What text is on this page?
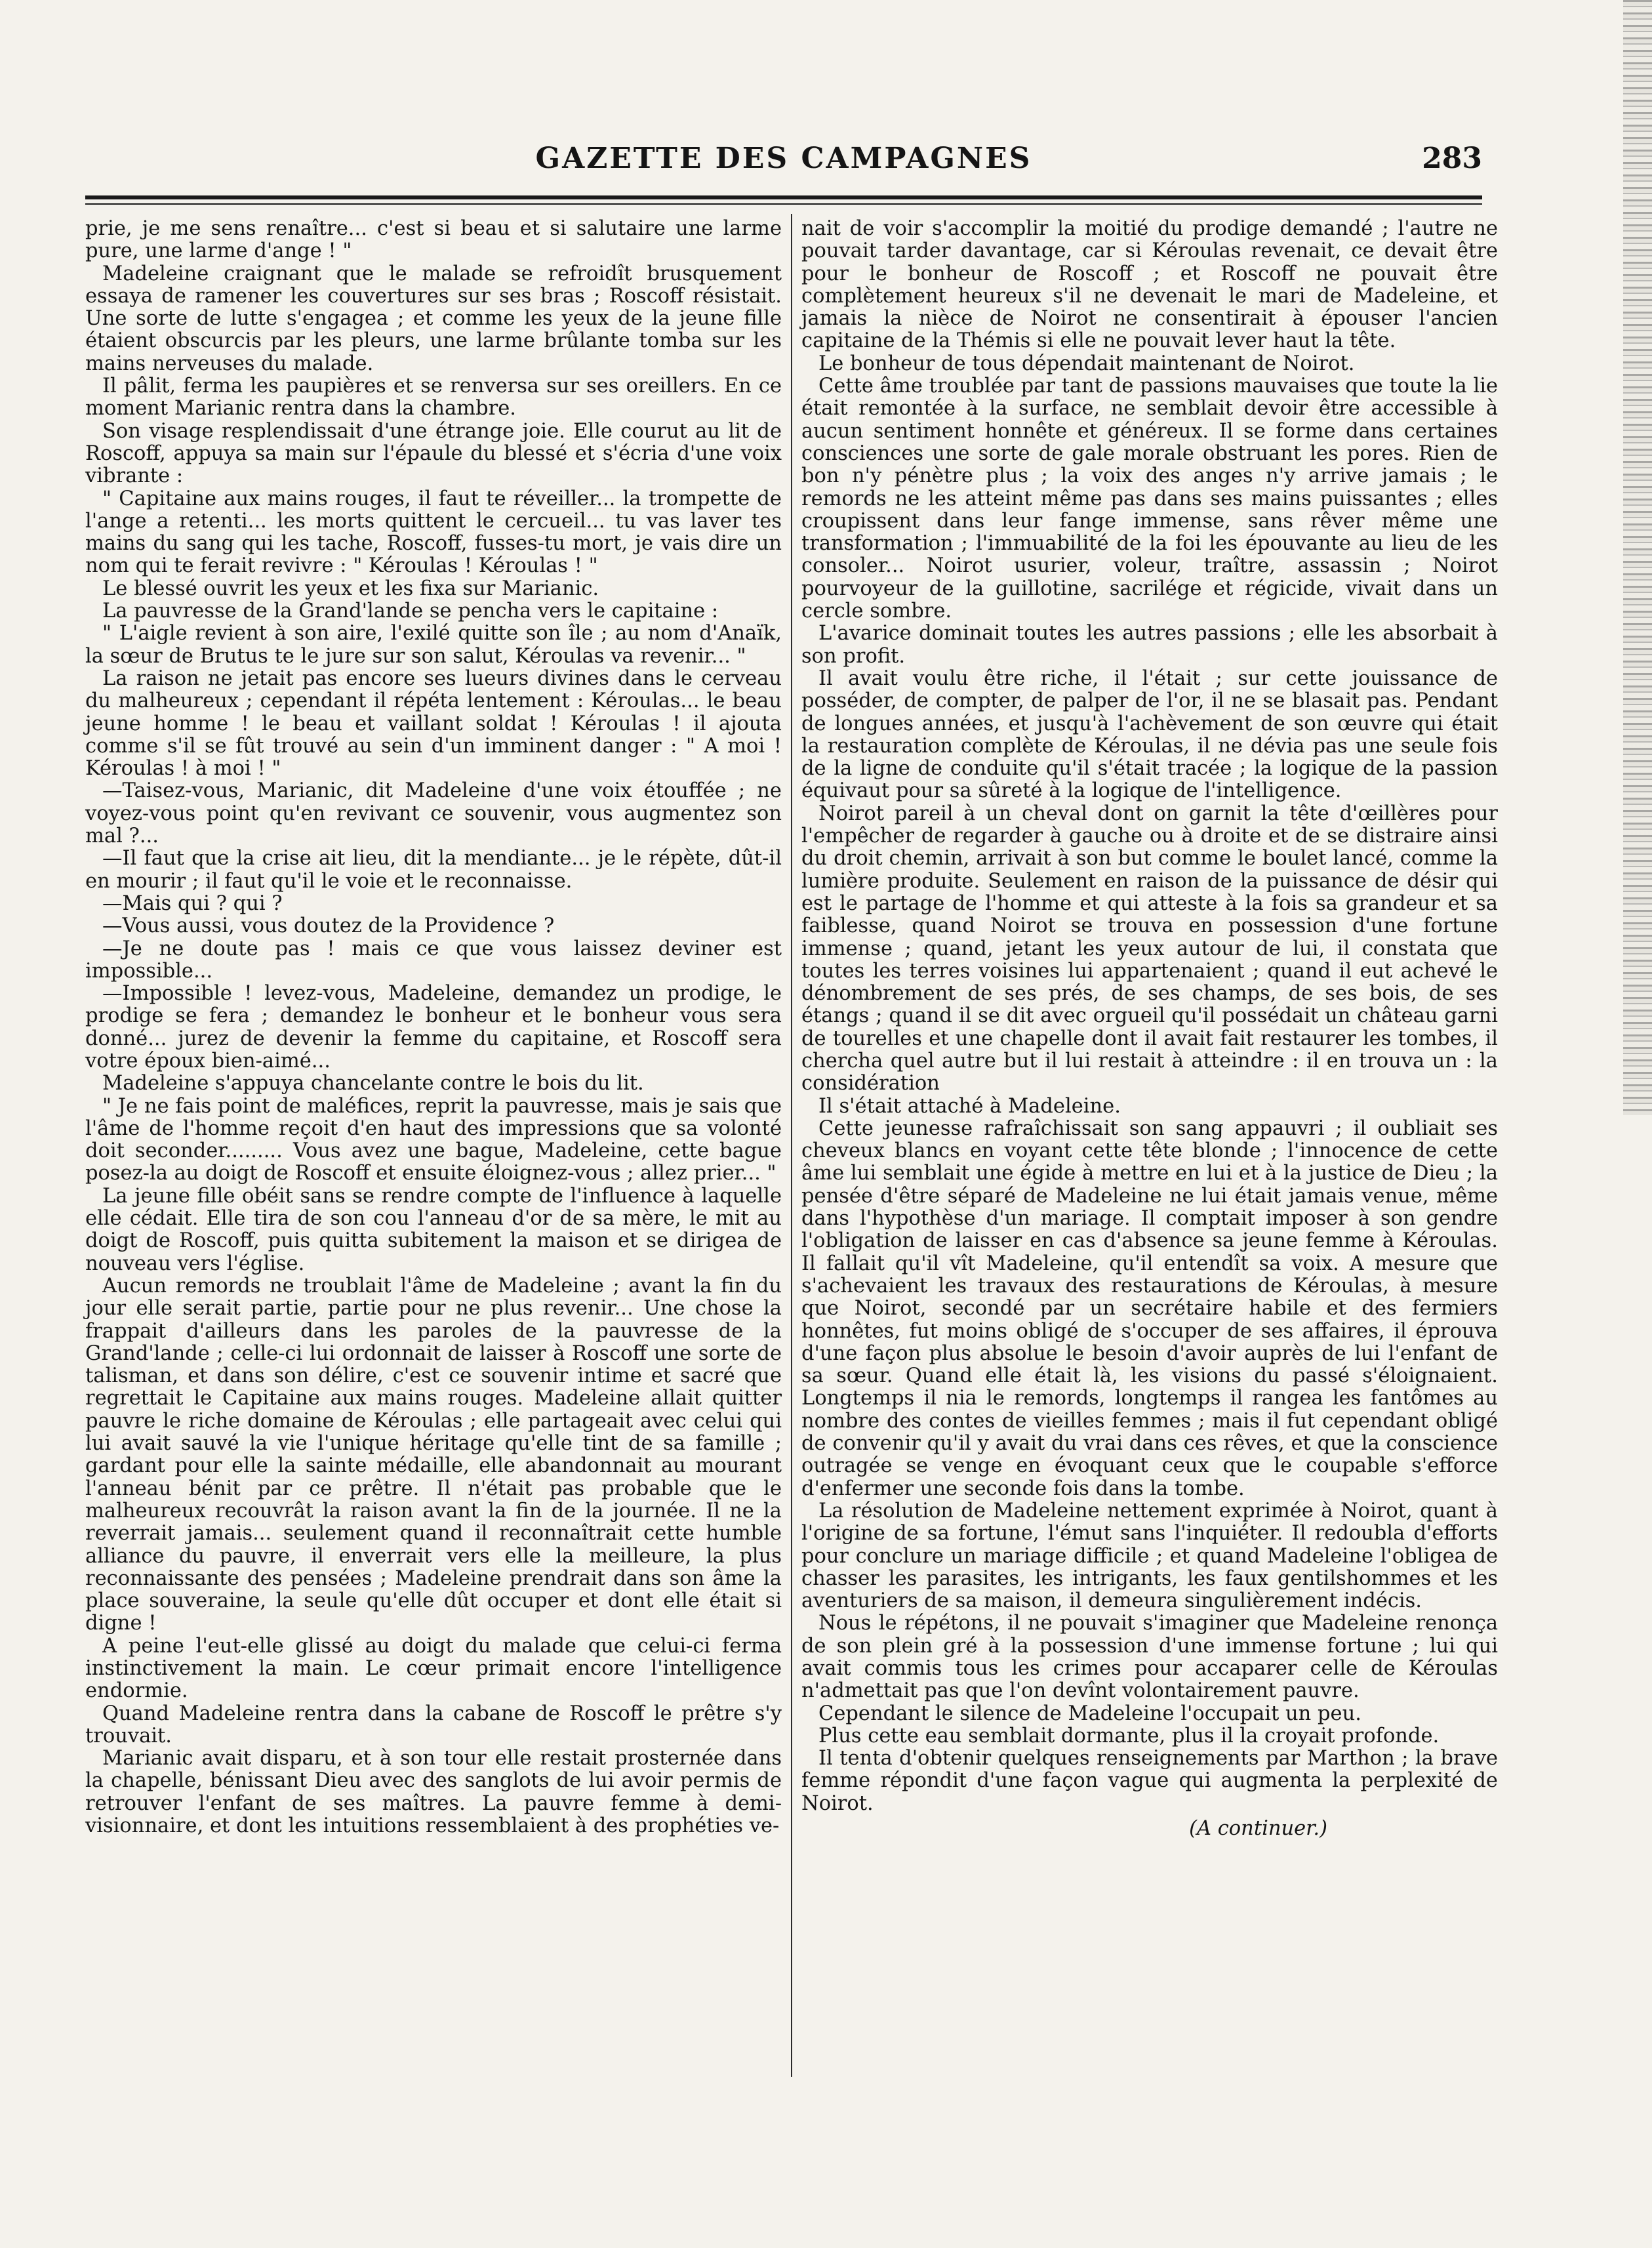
GAZETTE DES CAMPAGNES	283

prie, je me sens renaître... c'est si beau et si salutaire une larme pure, une larme d'ange ! "

Madeleine craignant que le malade se refroidît brusquement essaya de ramener les couvertures sur ses bras ; Roscoff résistait. Une sorte de lutte s'engagea ; et comme les yeux de la jeune fille étaient obscurcis par les pleurs, une larme brûlante tomba sur les mains nerveuses du malade.

Il pâlit, ferma les paupières et se renversa sur ses oreillers. En ce moment Marianic rentra dans la chambre.

Son visage resplendissait d'une étrange joie. Elle courut au lit de Roscoff, appuya sa main sur l'épaule du blessé et s'écria d'une voix vibrante :

" Capitaine aux mains rouges, il faut te réveiller... la trompette de l'ange a retenti... les morts quittent le cercueil... tu vas laver tes mains du sang qui les tache, Roscoff, fusses-tu mort, je vais dire un nom qui te ferait revivre : " Kéroulas ! Kéroulas ! "

Le blessé ouvrit les yeux et les fixa sur Marianic.

La pauvresse de la Grand'lande se pencha vers le capitaine :

" L'aigle revient à son aire, l'exilé quitte son île ; au nom d'Anaïk, la sœur de Brutus te le jure sur son salut, Kéroulas va revenir... "

La raison ne jetait pas encore ses lueurs divines dans le cerveau du malheureux ; cependant il répéta lentement : Kéroulas... le beau jeune homme ! le beau et vaillant soldat ! Kéroulas ! il ajouta comme s'il se fût trouvé au sein d'un imminent danger : " A moi ! Kéroulas ! à moi ! "

—Taisez-vous, Marianic, dit Madeleine d'une voix étouffée ; ne voyez-vous point qu'en revivant ce souvenir, vous augmentez son mal ?...

—Il faut que la crise ait lieu, dit la mendiante... je le répète, dût-il en mourir ; il faut qu'il le voie et le reconnaisse.

—Mais qui ? qui ?

—Vous aussi, vous doutez de la Providence ?

—Je ne doute pas ! mais ce que vous laissez deviner est impossible...

—Impossible ! levez-vous, Madeleine, demandez un prodige, le prodige se fera ; demandez le bonheur et le bonheur vous sera donné... jurez de devenir la femme du capitaine, et Roscoff sera votre époux bien-aimé...

Madeleine s'appuya chancelante contre le bois du lit.

" Je ne fais point de maléfices, reprit la pauvresse, mais je sais que l'âme de l'homme reçoit d'en haut des impressions que sa volonté doit seconder......... Vous avez une bague, Madeleine, cette bague posez-la au doigt de Roscoff et ensuite éloignez-vous ; allez prier... "

La jeune fille obéit sans se rendre compte de l'influence à laquelle elle cédait. Elle tira de son cou l'anneau d'or de sa mère, le mit au doigt de Roscoff, puis quitta subitement la maison et se dirigea de nouveau vers l'église.

Aucun remords ne troublait l'âme de Madeleine ; avant la fin du jour elle serait partie, partie pour ne plus revenir... Une chose la frappait d'ailleurs dans les paroles de la pauvresse de la Grand'lande ; celle-ci lui ordonnait de laisser à Roscoff une sorte de talisman, et dans son délire, c'est ce souvenir intime et sacré que regrettait le Capitaine aux mains rouges. Madeleine allait quitter pauvre le riche domaine de Kéroulas ; elle partageait avec celui qui lui avait sauvé la vie l'unique héritage qu'elle tint de sa famille ; gardant pour elle la sainte médaille, elle abandonnait au mourant l'anneau bénit par ce prêtre. Il n'était pas probable que le malheureux recouvrât la raison avant la fin de la journée. Il ne la reverrait jamais... seulement quand il reconnaîtrait cette humble alliance du pauvre, il enverrait vers elle la meilleure, la plus reconnaissante des pensées ; Madeleine prendrait dans son âme la place souveraine, la seule qu'elle dût occuper et dont elle était si digne !

A peine l'eut-elle glissé au doigt du malade que celui-ci ferma instinctivement la main. Le cœur primait encore l'intelligence endormie.

Quand Madeleine rentra dans la cabane de Roscoff le prêtre s'y trouvait.

Marianic avait disparu, et à son tour elle restait prosternée dans la chapelle, bénissant Dieu avec des sanglots de lui avoir permis de retrouver l'enfant de ses maîtres. La pauvre femme à demi-visionnaire, et dont les intuitions ressemblaient à des prophéties ve-

nait de voir s'accomplir la moitié du prodige demandé ; l'autre ne pouvait tarder davantage, car si Kéroulas revenait, ce devait être pour le bonheur de Roscoff ; et Roscoff ne pouvait être complètement heureux s'il ne devenait le mari de Madeleine, et jamais la nièce de Noirot ne consentirait à épouser l'ancien capitaine de la Thémis si elle ne pouvait lever haut la tête.

Le bonheur de tous dépendait maintenant de Noirot.

Cette âme troublée par tant de passions mauvaises que toute la lie était remontée à la surface, ne semblait devoir être accessible à aucun sentiment honnête et généreux. Il se forme dans certaines consciences une sorte de gale morale obstruant les pores. Rien de bon n'y pénètre plus ; la voix des anges n'y arrive jamais ; le remords ne les atteint même pas dans ses mains puissantes ; elles croupissent dans leur fange immense, sans rêver même une transformation ; l'immuabilité de la foi les épouvante au lieu de les consoler... Noirot usurier, voleur, traître, assassin ; Noirot pourvoyeur de la guillotine, sacrilége et régicide, vivait dans un cercle sombre.

L'avarice dominait toutes les autres passions ; elle les absorbait à son profit.

Il avait voulu être riche, il l'était ; sur cette jouissance de posséder, de compter, de palper de l'or, il ne se blasait pas. Pendant de longues années, et jusqu'à l'achèvement de son œuvre qui était la restauration complète de Kéroulas, il ne dévia pas une seule fois de la ligne de conduite qu'il s'était tracée ; la logique de la passion équivaut pour sa sûreté à la logique de l'intelligence.

Noirot pareil à un cheval dont on garnit la tête d'œillères pour l'empêcher de regarder à gauche ou à droite et de se distraire ainsi du droit chemin, arrivait à son but comme le boulet lancé, comme la lumière produite. Seulement en raison de la puissance de désir qui est le partage de l'homme et qui atteste à la fois sa grandeur et sa faiblesse, quand Noirot se trouva en possession d'une fortune immense ; quand, jetant les yeux autour de lui, il constata que toutes les terres voisines lui appartenaient ; quand il eut achevé le dénombrement de ses prés, de ses champs, de ses bois, de ses étangs ; quand il se dit avec orgueil qu'il possédait un château garni de tourelles et une chapelle dont il avait fait restaurer les tombes, il chercha quel autre but il lui restait à atteindre : il en trouva un : la considération

Il s'était attaché à Madeleine.

Cette jeunesse rafraîchissait son sang appauvri ; il oubliait ses cheveux blancs en voyant cette tête blonde ; l'innocence de cette âme lui semblait une égide à mettre en lui et à la justice de Dieu ; la pensée d'être séparé de Madeleine ne lui était jamais venue, même dans l'hypothèse d'un mariage. Il comptait imposer à son gendre l'obligation de laisser en cas d'absence sa jeune femme à Kéroulas. Il fallait qu'il vît Madeleine, qu'il entendît sa voix. A mesure que s'achevaient les travaux des restaurations de Kéroulas, à mesure que Noirot, secondé par un secrétaire habile et des fermiers honnêtes, fut moins obligé de s'occuper de ses affaires, il éprouva d'une façon plus absolue le besoin d'avoir auprès de lui l'enfant de sa sœur. Quand elle était là, les visions du passé s'éloignaient. Longtemps il nia le remords, longtemps il rangea les fantômes au nombre des contes de vieilles femmes ; mais il fut cependant obligé de convenir qu'il y avait du vrai dans ces rêves, et que la conscience outragée se venge en évoquant ceux que le coupable s'efforce d'enfermer une seconde fois dans la tombe.

La résolution de Madeleine nettement exprimée à Noirot, quant à l'origine de sa fortune, l'émut sans l'inquiéter. Il redoubla d'efforts pour conclure un mariage difficile ; et quand Madeleine l'obligea de chasser les parasites, les intrigants, les faux gentilshommes et les aventuriers de sa maison, il demeura singulièrement indécis.

Nous le répétons, il ne pouvait s'imaginer que Madeleine renonça de son plein gré à la possession d'une immense fortune ; lui qui avait commis tous les crimes pour accaparer celle de Kéroulas n'admettait pas que l'on devînt volontairement pauvre.

Cependant le silence de Madeleine l'occupait un peu.

Plus cette eau semblait dormante, plus il la croyait profonde.

Il tenta d'obtenir quelques renseignements par Marthon ; la brave femme répondit d'une façon vague qui augmenta la perplexité de Noirot.

(A continuer.)
